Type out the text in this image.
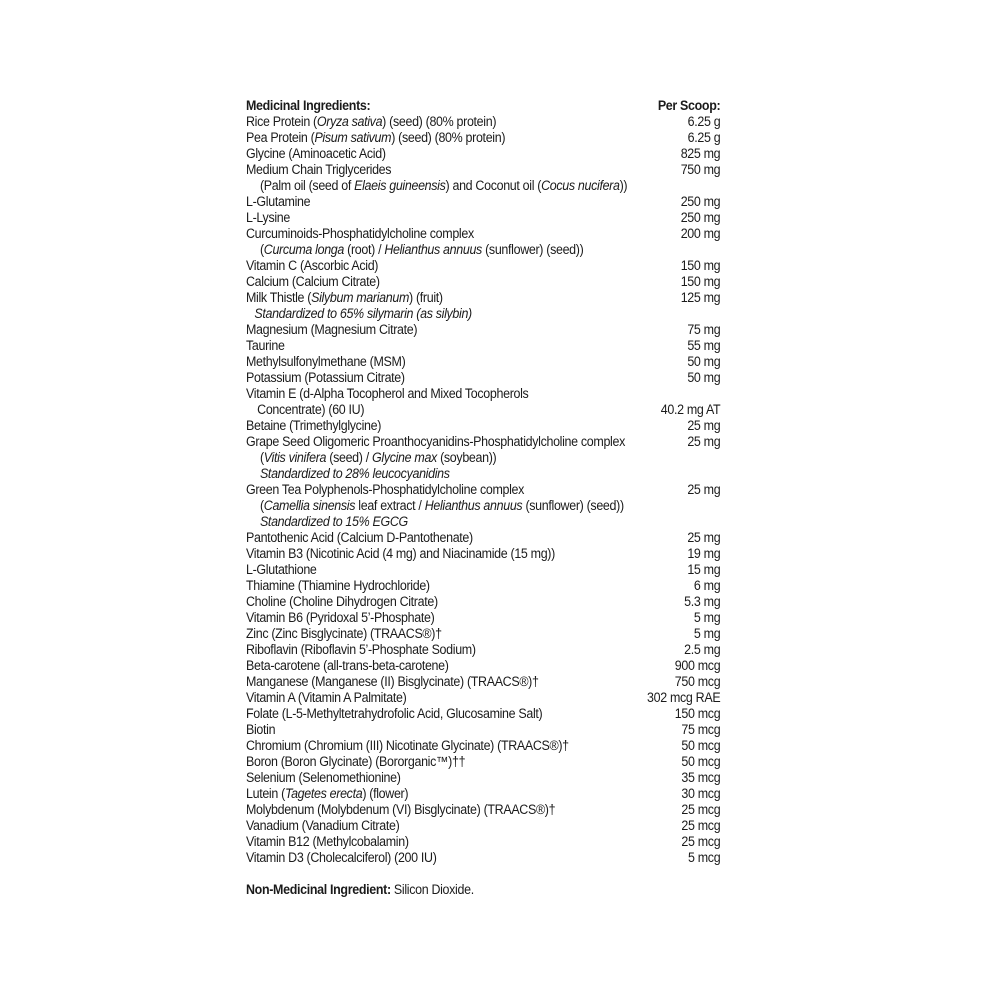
Medicinal Ingredients:	Per Scoop:
Rice Protein (Oryza sativa) (seed) (80% protein)	6.25 g
Pea Protein (Pisum sativum) (seed) (80% protein)	6.25 g
Glycine (Aminoacetic Acid)	825 mg
Medium Chain Triglycerides	750 mg
(Palm oil (seed of Elaeis guineensis) and Coconut oil (Cocus nucifera))
L-Glutamine	250 mg
L-Lysine	250 mg
Curcuminoids-Phosphatidylcholine complex	200 mg
(Curcuma longa (root) / Helianthus annuus (sunflower) (seed))
Vitamin C (Ascorbic Acid)	150 mg
Calcium (Calcium Citrate)	150 mg
Milk Thistle (Silybum marianum) (fruit)	125 mg
Standardized to 65% silymarin (as silybin)
Magnesium (Magnesium Citrate)	75 mg
Taurine	55 mg
Methylsulfonylmethane (MSM)	50 mg
Potassium (Potassium Citrate)	50 mg
Vitamin E (d-Alpha Tocopherol and Mixed Tocopherols
Concentrate) (60 IU)	40.2 mg AT
Betaine (Trimethylglycine)	25 mg
Grape Seed Oligomeric Proanthocyanidins-Phosphatidylcholine complex	25 mg
(Vitis vinifera (seed) / Glycine max (soybean))
Standardized to 28% leucocyanidins
Green Tea Polyphenols-Phosphatidylcholine complex	25 mg
(Camellia sinensis leaf extract / Helianthus annuus (sunflower) (seed))
Standardized to 15% EGCG
Pantothenic Acid (Calcium D-Pantothenate)	25 mg
Vitamin B3 (Nicotinic Acid (4 mg) and Niacinamide (15 mg))	19 mg
L-Glutathione	15 mg
Thiamine (Thiamine Hydrochloride)	6 mg
Choline (Choline Dihydrogen Citrate)	5.3 mg
Vitamin B6 (Pyridoxal 5’-Phosphate)	5 mg
Zinc (Zinc Bisglycinate) (TRAACS®)†	5 mg
Riboflavin (Riboflavin 5’-Phosphate Sodium)	2.5 mg
Beta-carotene (all-trans-beta-carotene)	900 mcg
Manganese (Manganese (II) Bisglycinate) (TRAACS®)†	750 mcg
Vitamin A (Vitamin A Palmitate)	302 mcg RAE
Folate (L-5-Methyltetrahydrofolic Acid, Glucosamine Salt)	150 mcg
Biotin	75 mcg
Chromium (Chromium (III) Nicotinate Glycinate) (TRAACS®)†	50 mcg
Boron (Boron Glycinate) (Bororganic™)††	50 mcg
Selenium (Selenomethionine)	35 mcg
Lutein (Tagetes erecta) (flower)	30 mcg
Molybdenum (Molybdenum (VI) Bisglycinate) (TRAACS®)†	25 mcg
Vanadium (Vanadium Citrate)	25 mcg
Vitamin B12 (Methylcobalamin)	25 mcg
Vitamin D3 (Cholecalciferol) (200 IU)	5 mcg
Non-Medicinal Ingredient: Silicon Dioxide.
